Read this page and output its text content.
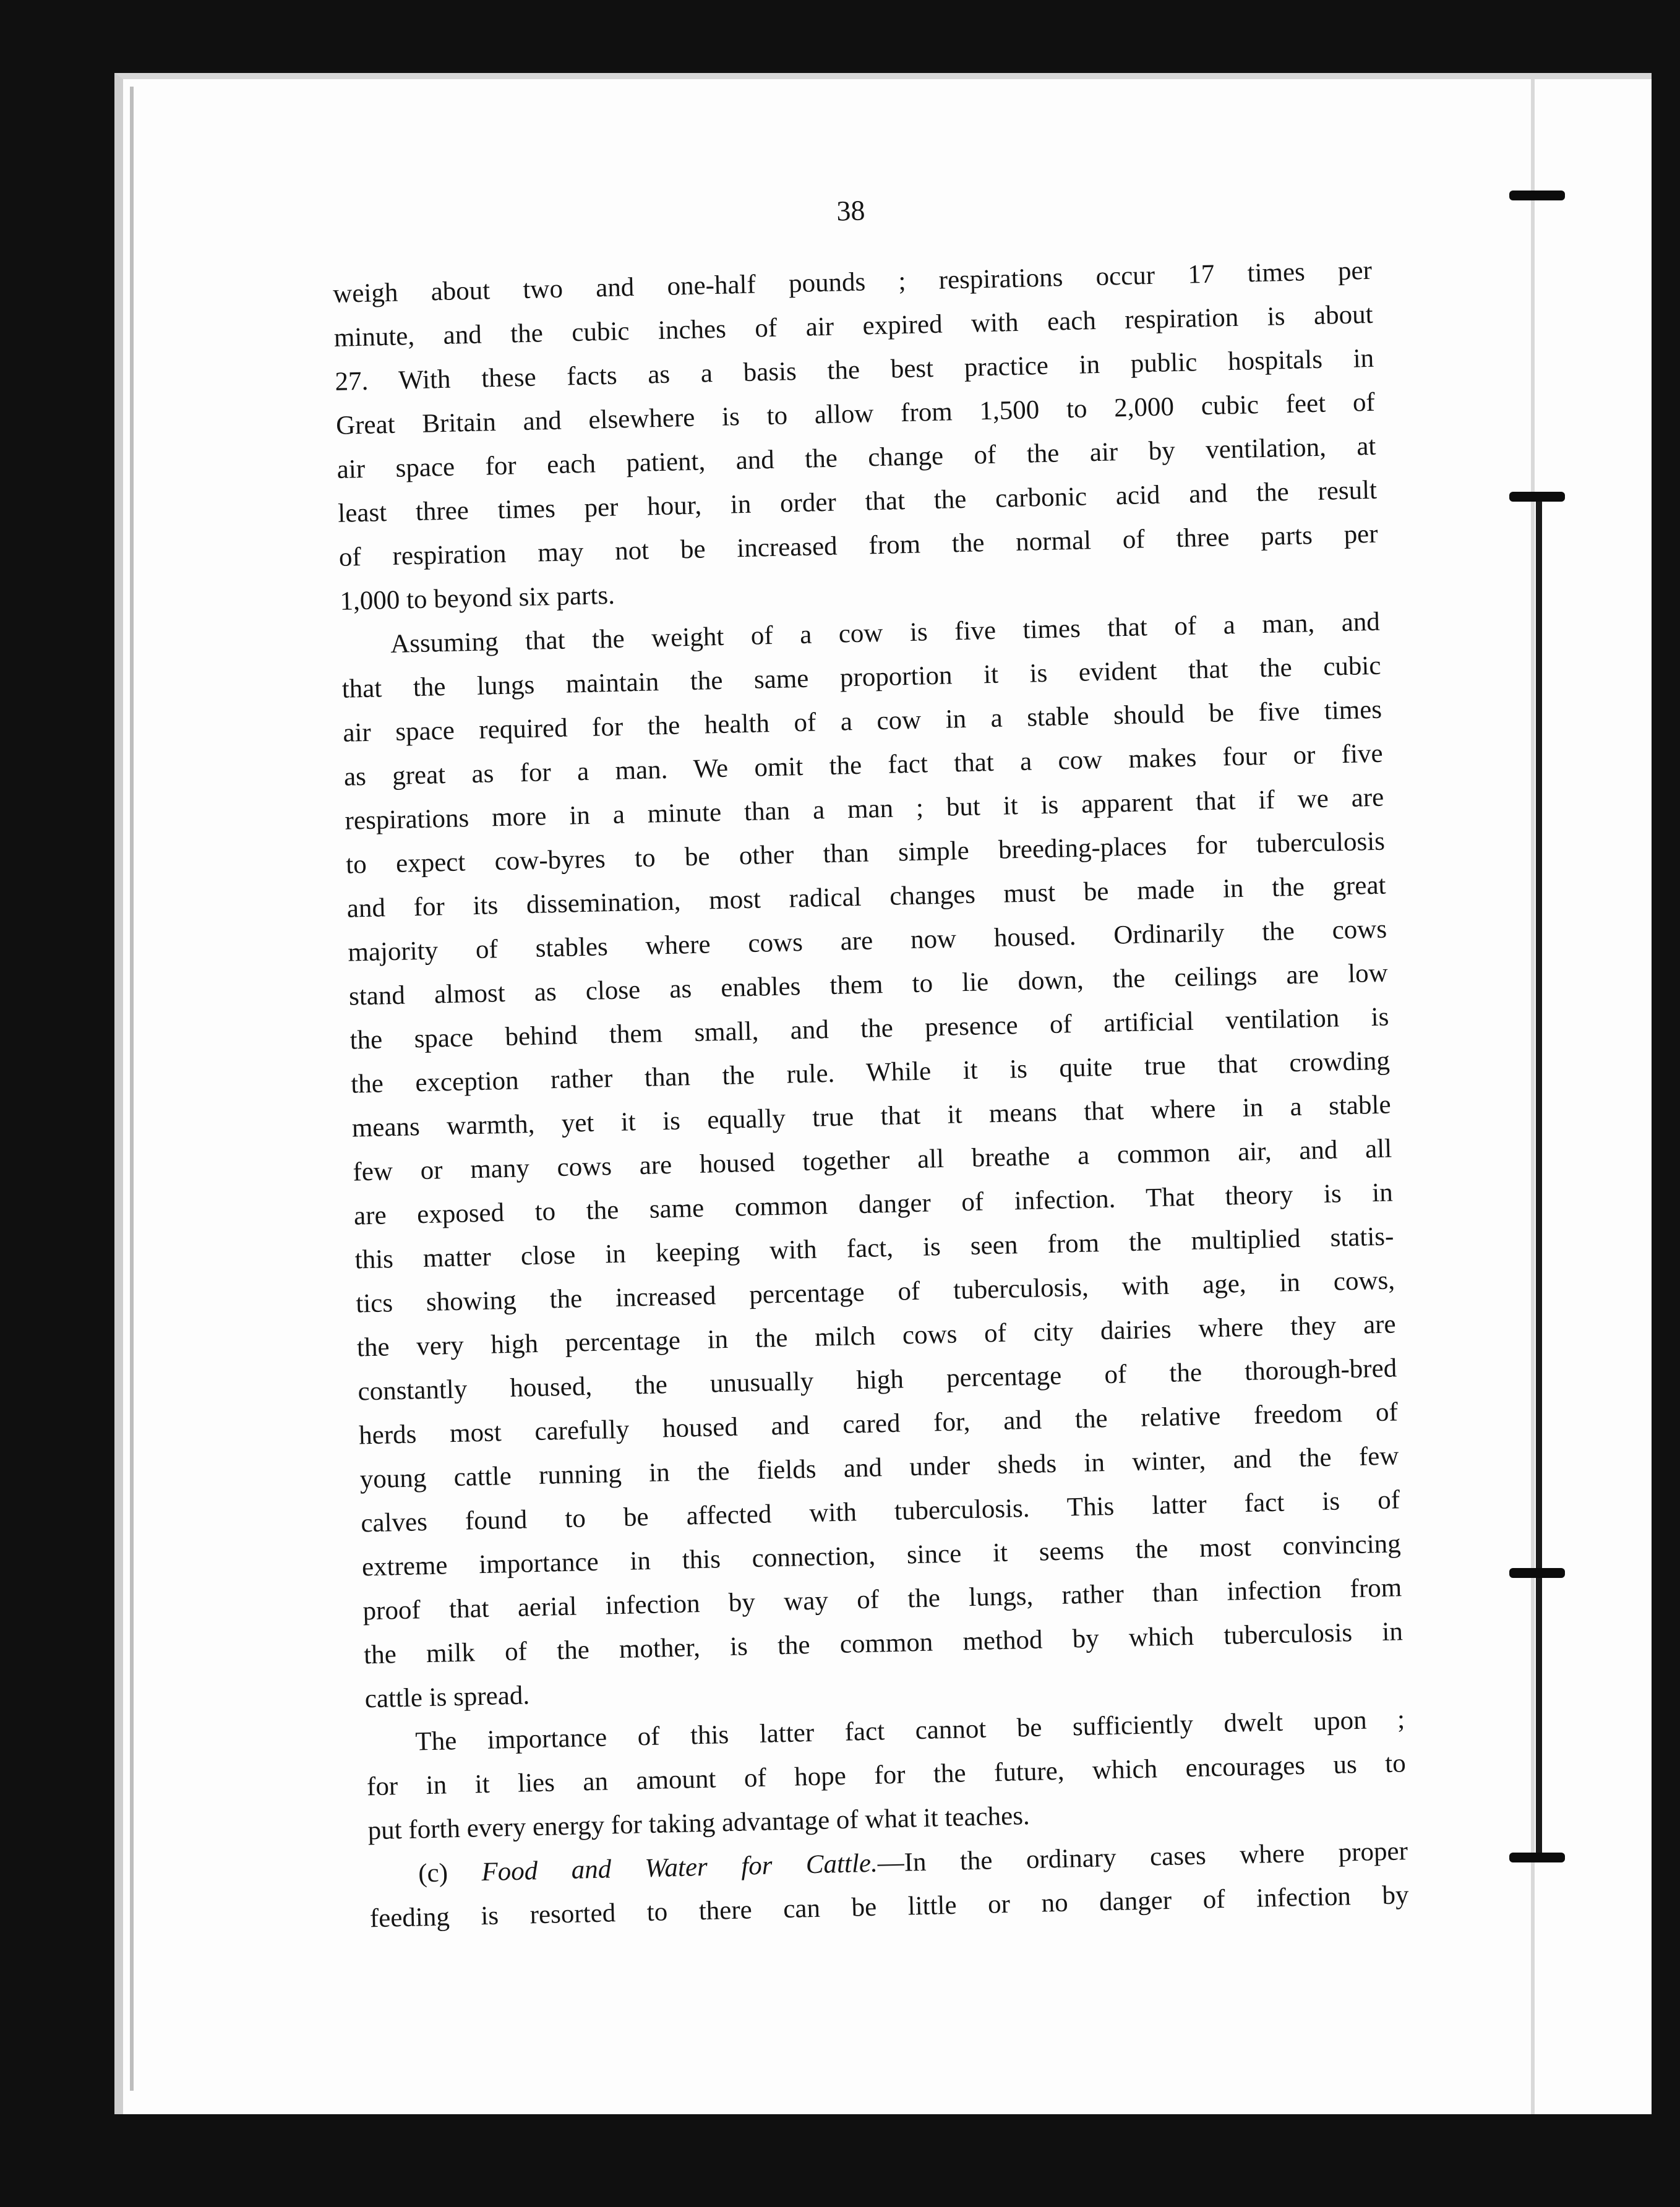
38
weigh about two and one-half pounds ; respirations occur 17 times per
minute, and the cubic inches of air expired with each respiration is about
27. With these facts as a basis the best practice in public hospitals in
Great Britain and elsewhere is to allow from 1,500 to 2,000 cubic feet of
air space for each patient, and the change of the air by ventilation, at
least three times per hour, in order that the carbonic acid and the result
of respiration may not be increased from the normal of three parts per
1,000 to beyond six parts.
Assuming that the weight of a cow is five times that of a man, and
that the lungs maintain the same proportion it is evident that the cubic
air space required for the health of a cow in a stable should be five times
as great as for a man. We omit the fact that a cow makes four or five
respirations more in a minute than a man ; but it is apparent that if we are
to expect cow-byres to be other than simple breeding-places for tuberculosis
and for its dissemination, most radical changes must be made in the great
majority of stables where cows are now housed. Ordinarily the cows
stand almost as close as enables them to lie down, the ceilings are low
the space behind them small, and the presence of artificial ventilation is
the exception rather than the rule. While it is quite true that crowding
means warmth, yet it is equally true that it means that where in a stable
few or many cows are housed together all breathe a common air, and all
are exposed to the same common danger of infection. That theory is in
this matter close in keeping with fact, is seen from the multiplied statis-
tics showing the increased percentage of tuberculosis, with age, in cows,
the very high percentage in the milch cows of city dairies where they are
constantly housed, the unusually high percentage of the thorough-bred
herds most carefully housed and cared for, and the relative freedom of
young cattle running in the fields and under sheds in winter, and the few
calves found to be affected with tuberculosis. This latter fact is of
extreme importance in this connection, since it seems the most convincing
proof that aerial infection by way of the lungs, rather than infection from
the milk of the mother, is the common method by which tuberculosis in
cattle is spread.
The importance of this latter fact cannot be sufficiently dwelt upon ;
for in it lies an amount of hope for the future, which encourages us to
put forth every energy for taking advantage of what it teaches.
(c) Food and Water for Cattle.—In the ordinary cases where proper
feeding is resorted to there can be little or no danger of infection by
